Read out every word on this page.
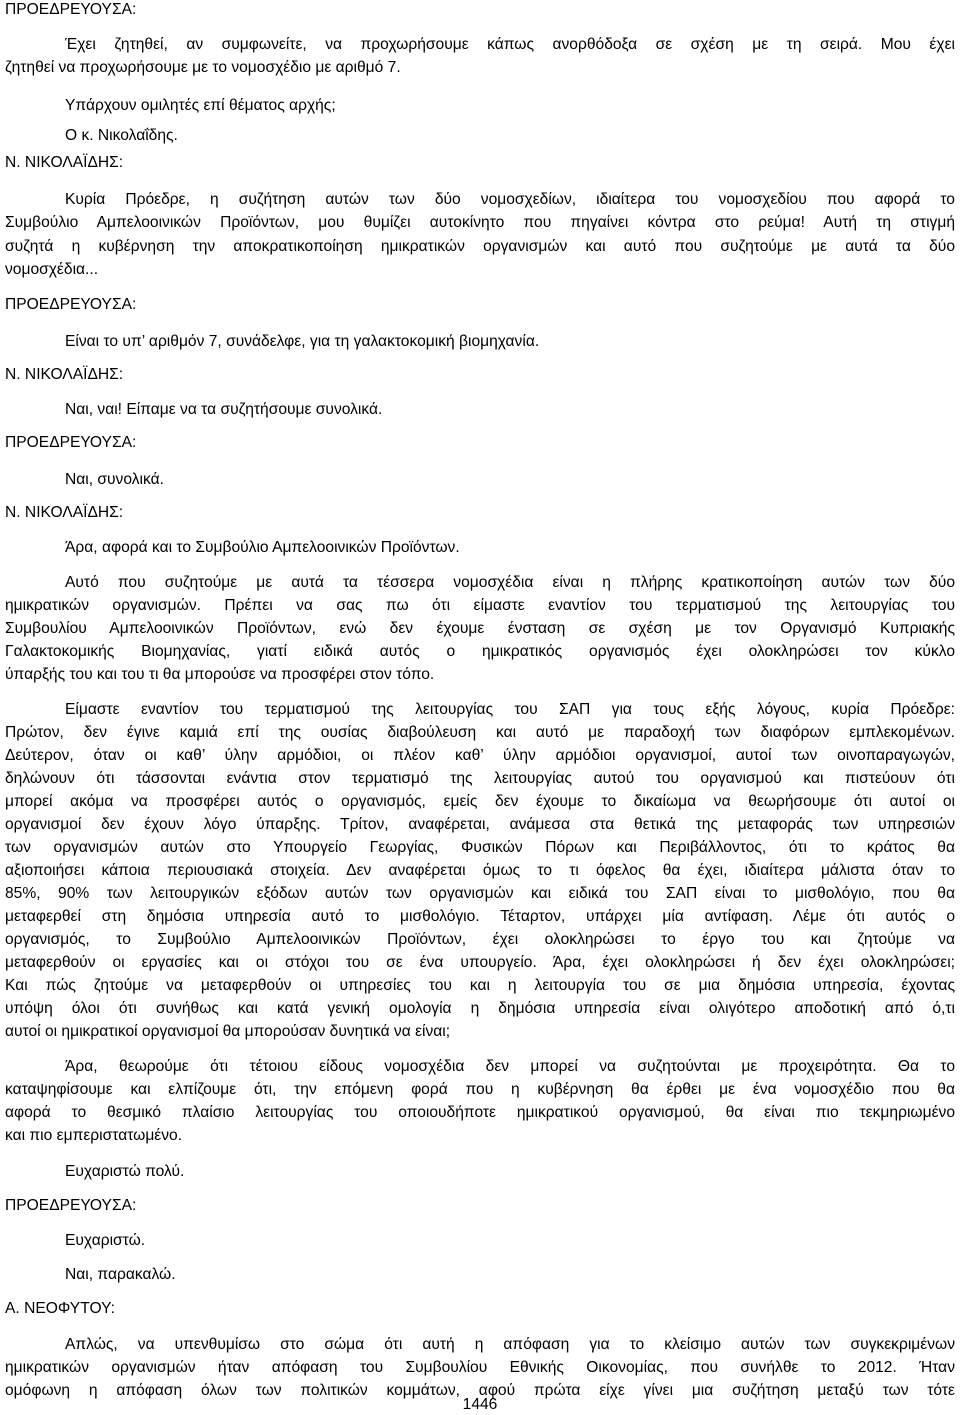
ΠΡΟΕΔΡΕΥΟΥΣΑ:
Έχει ζητηθεί, αν συμφωνείτε, να προχωρήσουμε κάπως ανορθόδοξα σε σχέση με τη σειρά. Μου έχει
ζητηθεί να προχωρήσουμε με το νομοσχέδιο με αριθμό 7.
Υπάρχουν ομιλητές επί θέματος αρχής;
Ο κ. Νικολαΐδης.
Ν. ΝΙΚΟΛΑΪΔΗΣ:
Κυρία Πρόεδρε, η συζήτηση αυτών των δύο νομοσχεδίων, ιδιαίτερα του νομοσχεδίου που αφορά το
Συμβούλιο Αμπελοοινικών Προϊόντων, μου θυμίζει αυτοκίνητο που πηγαίνει κόντρα στο ρεύμα! Αυτή τη στιγμή
συζητά η κυβέρνηση την αποκρατικοποίηση ημικρατικών οργανισμών και αυτό που συζητούμε με αυτά τα δύο
νομοσχέδια...
ΠΡΟΕΔΡΕΥΟΥΣΑ:
Είναι το υπ’ αριθμόν 7, συνάδελφε, για τη γαλακτοκομική βιομηχανία.
Ν. ΝΙΚΟΛΑΪΔΗΣ:
Ναι, ναι! Είπαμε να τα συζητήσουμε συνολικά.
ΠΡΟΕΔΡΕΥΟΥΣΑ:
Ναι, συνολικά.
Ν. ΝΙΚΟΛΑΪΔΗΣ:
Άρα, αφορά και το Συμβούλιο Αμπελοοινικών Προϊόντων.
Αυτό που συζητούμε με αυτά τα τέσσερα νομοσχέδια είναι η πλήρης κρατικοποίηση αυτών των δύο
ημικρατικών οργανισμών. Πρέπει να σας πω ότι είμαστε εναντίον του τερματισμού της λειτουργίας του
Συμβουλίου Αμπελοοινικών Προϊόντων, ενώ δεν έχουμε ένσταση σε σχέση με τον Οργανισμό Κυπριακής
Γαλακτοκομικής Βιομηχανίας, γιατί ειδικά αυτός ο ημικρατικός οργανισμός έχει ολοκληρώσει τον κύκλο
ύπαρξής του και του τι θα μπορούσε να προσφέρει στον τόπο.
Είμαστε εναντίον του τερματισμού της λειτουργίας του ΣΑΠ για τους εξής λόγους, κυρία Πρόεδρε:
Πρώτον, δεν έγινε καμιά επί της ουσίας διαβούλευση και αυτό με παραδοχή των διαφόρων εμπλεκομένων.
Δεύτερον, όταν οι καθ’ ύλην αρμόδιοι, οι πλέον καθ’ ύλην αρμόδιοι οργανισμοί, αυτοί των οινοπαραγωγών,
δηλώνουν ότι τάσσονται ενάντια στον τερματισμό της λειτουργίας αυτού του οργανισμού και πιστεύουν ότι
μπορεί ακόμα να προσφέρει αυτός ο οργανισμός, εμείς δεν έχουμε το δικαίωμα να θεωρήσουμε ότι αυτοί οι
οργανισμοί δεν έχουν λόγο ύπαρξης. Τρίτον, αναφέρεται, ανάμεσα στα θετικά της μεταφοράς των υπηρεσιών
των οργανισμών αυτών στο Υπουργείο Γεωργίας, Φυσικών Πόρων και Περιβάλλοντος, ότι το κράτος θα
αξιοποιήσει κάποια περιουσιακά στοιχεία. Δεν αναφέρεται όμως το τι όφελος θα έχει, ιδιαίτερα μάλιστα όταν το
85%, 90% των λειτουργικών εξόδων αυτών των οργανισμών και ειδικά του ΣΑΠ είναι το μισθολόγιο, που θα
μεταφερθεί στη δημόσια υπηρεσία αυτό το μισθολόγιο. Τέταρτον, υπάρχει μία αντίφαση. Λέμε ότι αυτός ο
οργανισμός, το Συμβούλιο Αμπελοοινικών Προϊόντων, έχει ολοκληρώσει το έργο του και ζητούμε να
μεταφερθούν οι εργασίες και οι στόχοι του σε ένα υπουργείο. Άρα, έχει ολοκληρώσει ή δεν έχει ολοκληρώσει;
Και πώς ζητούμε να μεταφερθούν οι υπηρεσίες του και η λειτουργία του σε μια δημόσια υπηρεσία, έχοντας
υπόψη όλοι ότι συνήθως και κατά γενική ομολογία η δημόσια υπηρεσία είναι ολιγότερο αποδοτική από ό,τι
αυτοί οι ημικρατικοί οργανισμοί θα μπορούσαν δυνητικά να είναι;
Άρα, θεωρούμε ότι τέτοιου είδους νομοσχέδια δεν μπορεί να συζητούνται με προχειρότητα. Θα το
καταψηφίσουμε και ελπίζουμε ότι, την επόμενη φορά που η κυβέρνηση θα έρθει με ένα νομοσχέδιο που θα
αφορά το θεσμικό πλαίσιο λειτουργίας του οποιουδήποτε ημικρατικού οργανισμού, θα είναι πιο τεκμηριωμένο
και πιο εμπεριστατωμένο.
Ευχαριστώ πολύ.
ΠΡΟΕΔΡΕΥΟΥΣΑ:
Ευχαριστώ.
Ναι, παρακαλώ.
Α. ΝΕΟΦΥΤΟΥ:
Απλώς, να υπενθυμίσω στο σώμα ότι αυτή η απόφαση για το κλείσιμο αυτών των συγκεκριμένων
ημικρατικών οργανισμών ήταν απόφαση του Συμβουλίου Εθνικής Οικονομίας, που συνήλθε το 2012. Ήταν
ομόφωνη η απόφαση όλων των πολιτικών κομμάτων, αφού πρώτα είχε γίνει μια συζήτηση μεταξύ των τότε
1446
